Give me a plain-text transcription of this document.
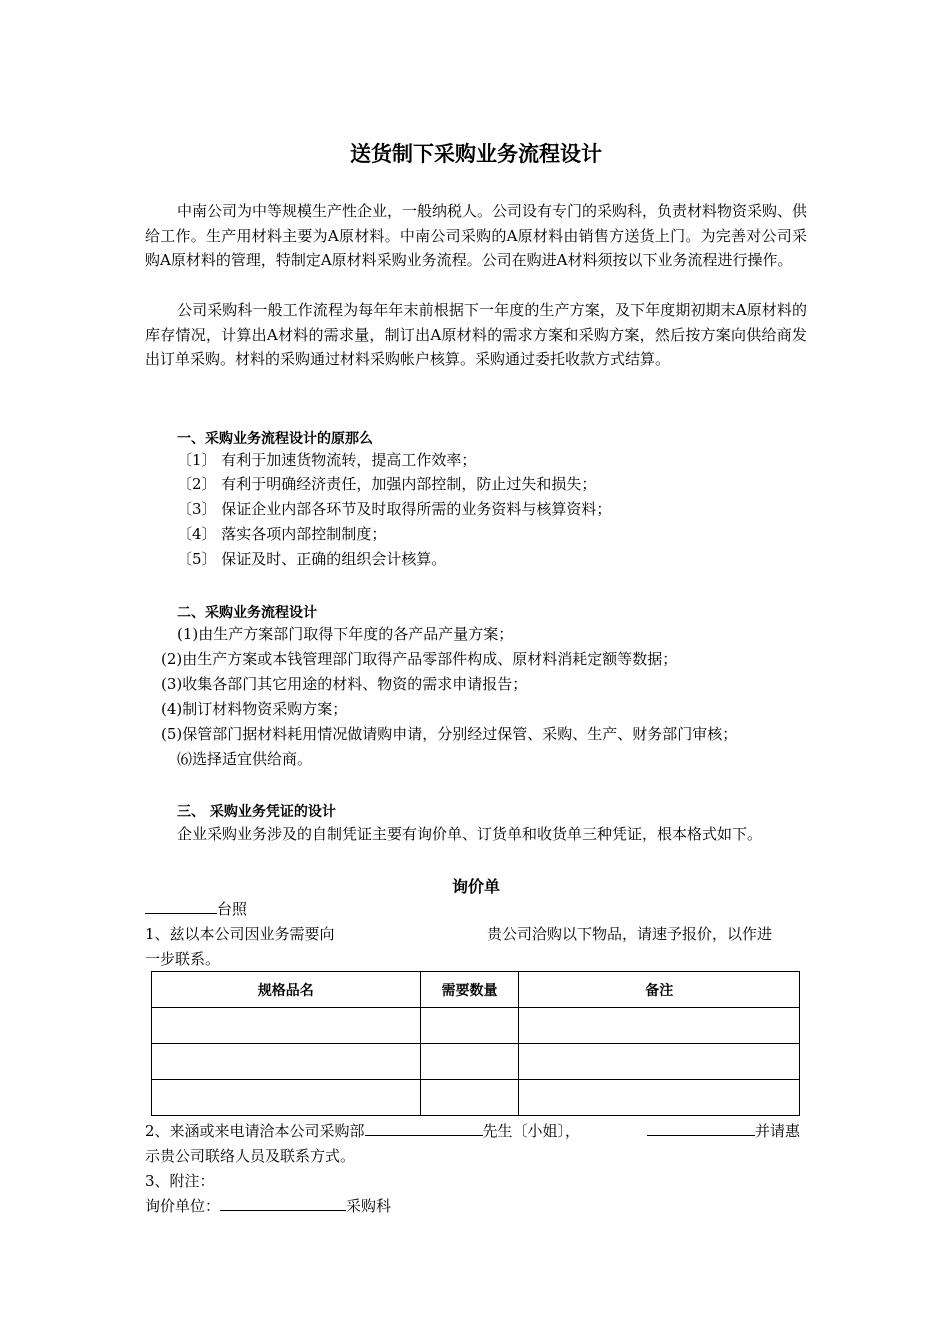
送货制下采购业务流程设计
中南公司为中等规模生产性企业，一般纳税人。公司设有专门的采购科，负责材料物资采购、供给工作。生产用材料主要为A原材料。中南公司采购的A原材料由销售方送货上门。为完善对公司采购A原材料的管理，特制定A原材料采购业务流程。公司在购进A材料须按以下业务流程进行操作。
公司采购科一般工作流程为每年年末前根据下一年度的生产方案，及下年度期初期末A原材料的库存情况，计算出A材料的需求量，制订出A原材料的需求方案和采购方案，然后按方案向供给商发出订单采购。材料的采购通过材料采购帐户核算。采购通过委托收款方式结算。
一、采购业务流程设计的原那么
〔1〕 有利于加速货物流转，提高工作效率；
〔2〕 有利于明确经济责任，加强内部控制，防止过失和损失；
〔3〕 保证企业内部各环节及时取得所需的业务资料与核算资料；
〔4〕 落实各项内部控制制度；
〔5〕 保证及时、正确的组织会计核算。
二、采购业务流程设计
(1)由生产方案部门取得下年度的各产品产量方案；
(2)由生产方案或本钱管理部门取得产品零部件构成、原材料消耗定额等数据；
(3)收集各部门其它用途的材料、物资的需求申请报告；
(4)制订材料物资采购方案；
(5)保管部门据材料耗用情况做请购申请，分别经过保管、采购、生产、财务部门审核；
⑹选择适宜供给商。
三、 采购业务凭证的设计
企业采购业务涉及的自制凭证主要有询价单、订货单和收货单三种凭证，根本格式如下。
询价单
台照
1、兹以本公司因业务需要向	贵公司洽购以下物品，请速予报价，以作进
一步联系。
规格品名	需要数量	备注

2、来涵或来电请洽本公司采购部	先生〔小姐〕，	并请惠
示贵公司联络人员及联系方式。
3、附注：
询价单位：	采购科
